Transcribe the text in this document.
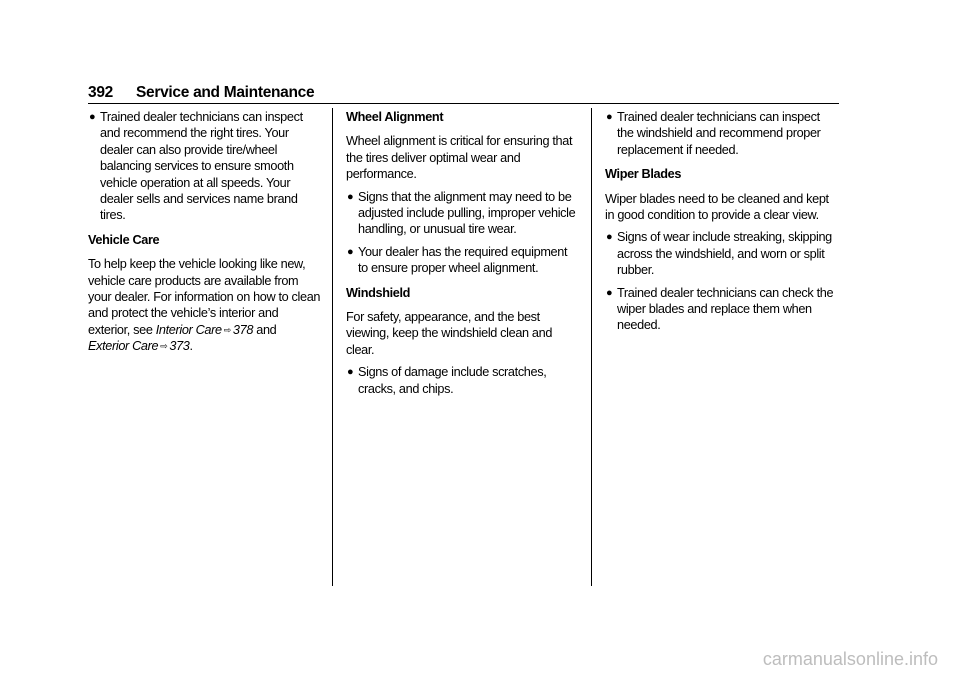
392 Service and Maintenance
● Trained dealer technicians can inspect and recommend the right tires. Your dealer can also provide tire/wheel balancing services to ensure smooth vehicle operation at all speeds. Your dealer sells and services name brand tires.

Vehicle Care

To help keep the vehicle looking like new, vehicle care products are available from your dealer. For information on how to clean and protect the vehicle’s interior and exterior, see Interior Care ⇨ 378 and
Exterior Care ⇨ 373.

Wheel Alignment

Wheel alignment is critical for ensuring that the tires deliver optimal wear and performance.

● Signs that the alignment may need to be adjusted include pulling, improper vehicle handling, or unusual tire wear.
● Your dealer has the required equipment to ensure proper wheel alignment.

Windshield

For safety, appearance, and the best viewing, keep the windshield clean and clear.

● Signs of damage include scratches, cracks, and chips.
● Trained dealer technicians can inspect the windshield and recommend proper replacement if needed.

Wiper Blades

Wiper blades need to be cleaned and kept in good condition to provide a clear view.

● Signs of wear include streaking, skipping across the windshield, and worn or split rubber.
● Trained dealer technicians can check the wiper blades and replace them when needed.
carmanualsonline.info
